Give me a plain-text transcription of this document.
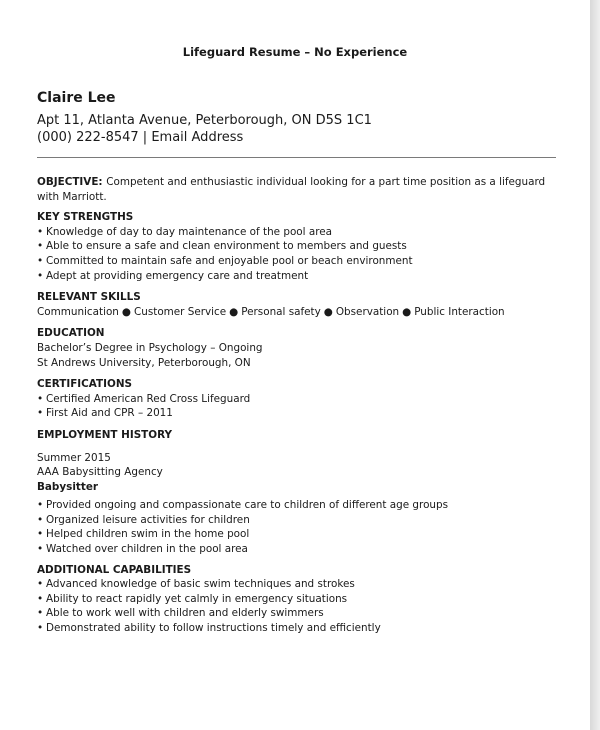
Lifeguard Resume – No Experience
Claire Lee
Apt 11, Atlanta Avenue, Peterborough, ON D5S 1C1
(000) 222-8547 | Email Address

OBJECTIVE: Competent and enthusiastic individual looking for a part time position as a lifeguard with Marriott.

KEY STRENGTHS
• Knowledge of day to day maintenance of the pool area
• Able to ensure a safe and clean environment to members and guests
• Committed to maintain safe and enjoyable pool or beach environment
• Adept at providing emergency care and treatment
RELEVANT SKILLS
Communication ● Customer Service ● Personal safety ● Observation ● Public Interaction
EDUCATION
Bachelor’s Degree in Psychology – Ongoing
St Andrews University, Peterborough, ON
CERTIFICATIONS
• Certified American Red Cross Lifeguard
• First Aid and CPR – 2011
EMPLOYMENT HISTORY
Summer 2015
AAA Babysitting Agency
Babysitter
• Provided ongoing and compassionate care to children of different age groups
• Organized leisure activities for children
• Helped children swim in the home pool
• Watched over children in the pool area
ADDITIONAL CAPABILITIES
• Advanced knowledge of basic swim techniques and strokes
• Ability to react rapidly yet calmly in emergency situations
• Able to work well with children and elderly swimmers
• Demonstrated ability to follow instructions timely and efficiently
